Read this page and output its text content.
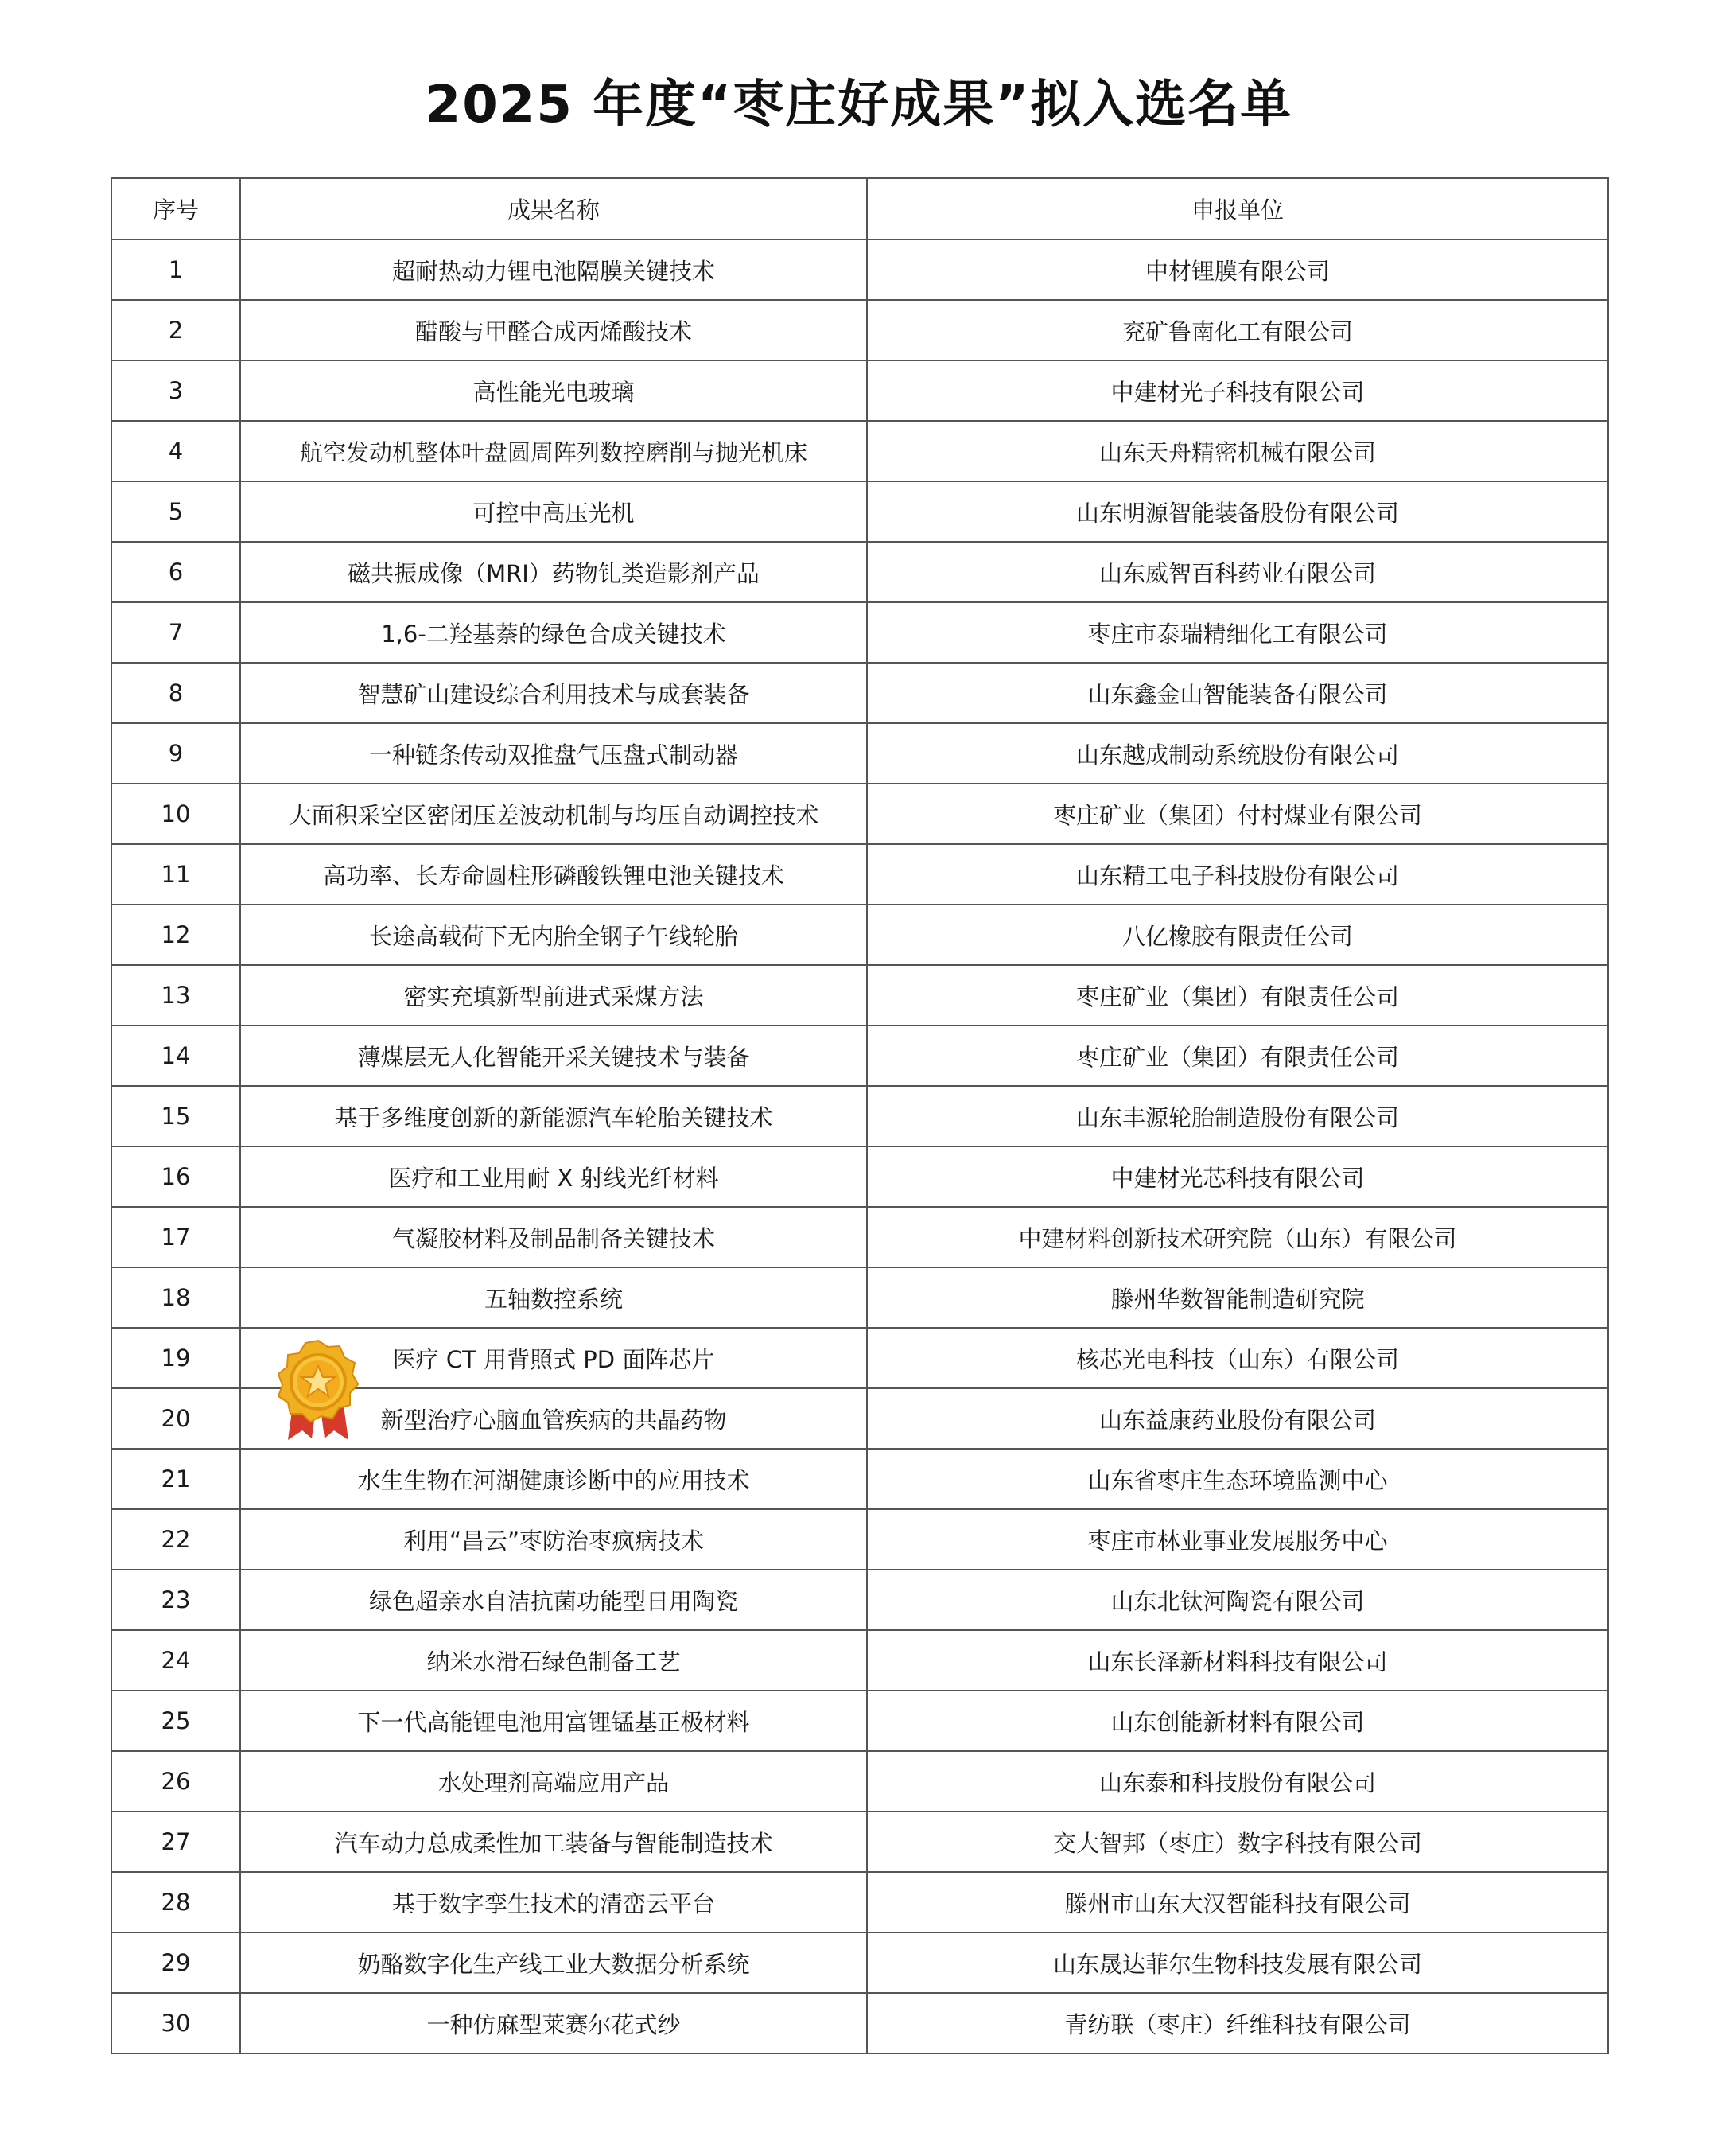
2025 年度“枣庄好成果”拟入选名单
序号	成果名称	申报单位
1	超耐热动力锂电池隔膜关键技术	中材锂膜有限公司
2	醋酸与甲醛合成丙烯酸技术	兖矿鲁南化工有限公司
3	高性能光电玻璃	中建材光子科技有限公司
4	航空发动机整体叶盘圆周阵列数控磨削与抛光机床	山东天舟精密机械有限公司
5	可控中高压光机	山东明源智能装备股份有限公司
6	磁共振成像（MRI）药物钆类造影剂产品	山东威智百科药业有限公司
7	1,6-二羟基萘的绿色合成关键技术	枣庄市泰瑞精细化工有限公司
8	智慧矿山建设综合利用技术与成套装备	山东鑫金山智能装备有限公司
9	一种链条传动双推盘气压盘式制动器	山东越成制动系统股份有限公司
10	大面积采空区密闭压差波动机制与均压自动调控技术	枣庄矿业（集团）付村煤业有限公司
11	高功率、长寿命圆柱形磷酸铁锂电池关键技术	山东精工电子科技股份有限公司
12	长途高载荷下无内胎全钢子午线轮胎	八亿橡胶有限责任公司
13	密实充填新型前进式采煤方法	枣庄矿业（集团）有限责任公司
14	薄煤层无人化智能开采关键技术与装备	枣庄矿业（集团）有限责任公司
15	基于多维度创新的新能源汽车轮胎关键技术	山东丰源轮胎制造股份有限公司
16	医疗和工业用耐 X 射线光纤材料	中建材光芯科技有限公司
17	气凝胶材料及制品制备关键技术	中建材料创新技术研究院（山东）有限公司
18	五轴数控系统	滕州华数智能制造研究院
19	医疗 CT 用背照式 PD 面阵芯片	核芯光电科技（山东）有限公司
20	新型治疗心脑血管疾病的共晶药物	山东益康药业股份有限公司
21	水生生物在河湖健康诊断中的应用技术	山东省枣庄生态环境监测中心
22	利用“昌云”枣防治枣疯病技术	枣庄市林业事业发展服务中心
23	绿色超亲水自洁抗菌功能型日用陶瓷	山东北钛河陶瓷有限公司
24	纳米水滑石绿色制备工艺	山东长泽新材料科技有限公司
25	下一代高能锂电池用富锂锰基正极材料	山东创能新材料有限公司
26	水处理剂高端应用产品	山东泰和科技股份有限公司
27	汽车动力总成柔性加工装备与智能制造技术	交大智邦（枣庄）数字科技有限公司
28	基于数字孪生技术的清峦云平台	滕州市山东大汉智能科技有限公司
29	奶酪数字化生产线工业大数据分析系统	山东晟达菲尔生物科技发展有限公司
30	一种仿麻型莱赛尔花式纱	青纺联（枣庄）纤维科技有限公司
